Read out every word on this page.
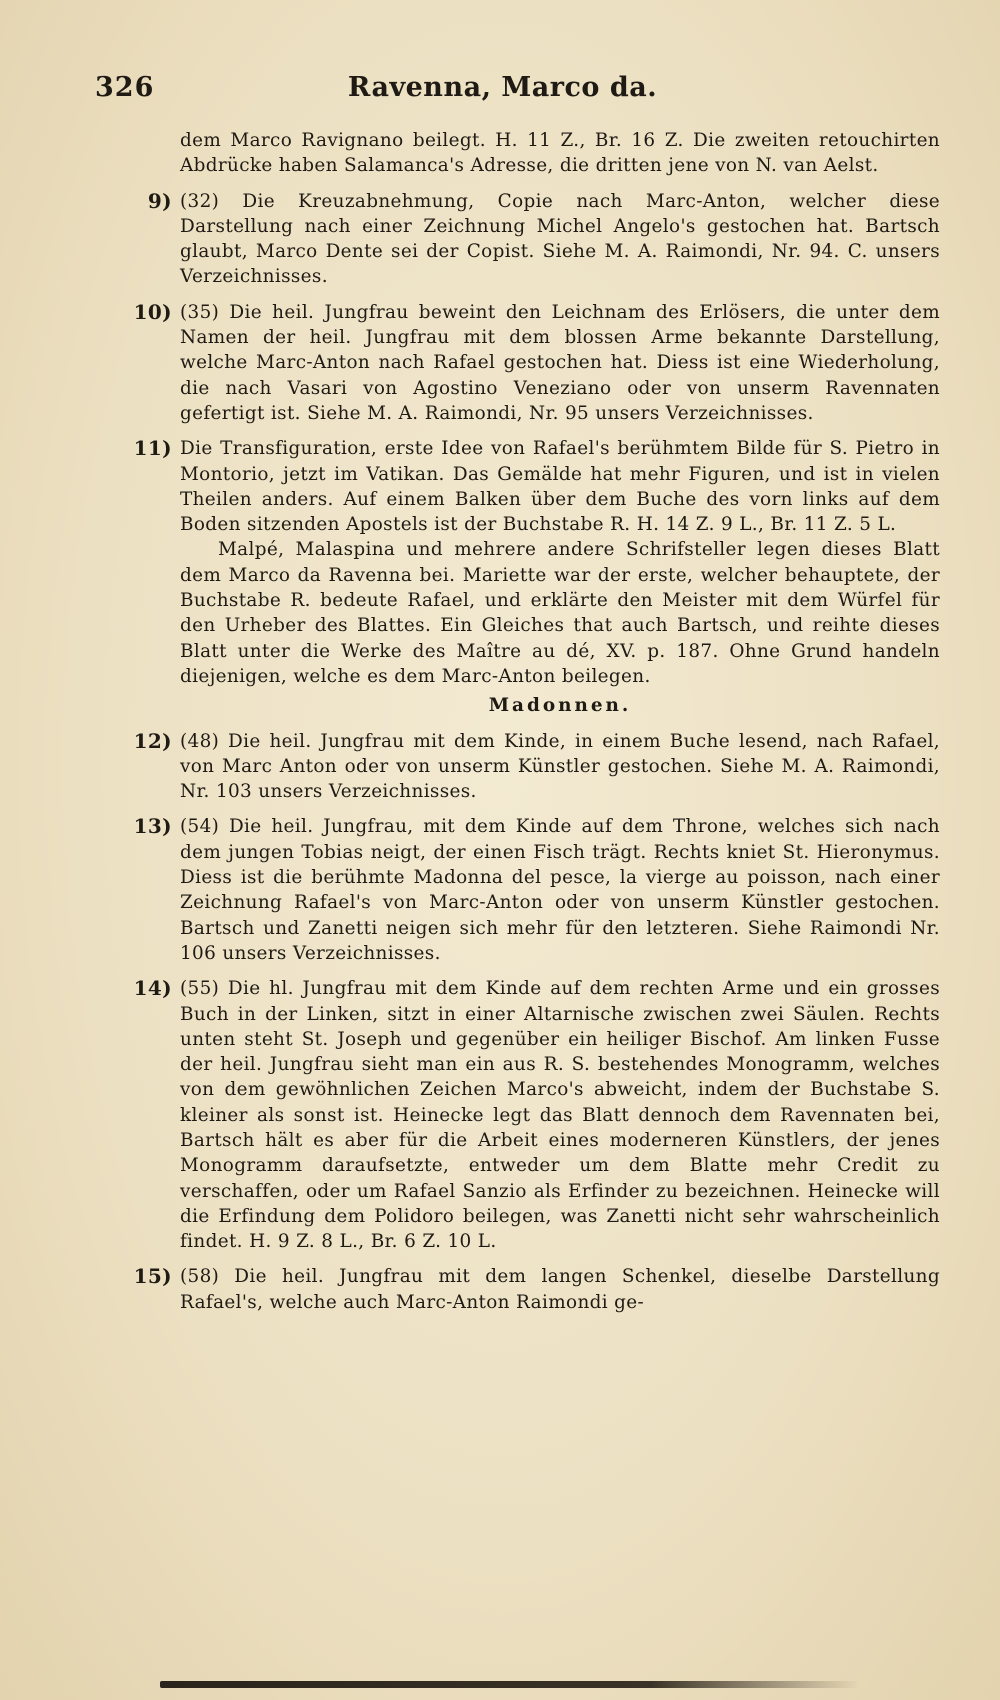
326	Ravenna, Marco da.

dem Marco Ravignano beilegt. H. 11 Z., Br. 16 Z. Die zweiten retouchirten Abdrücke haben Salamanca's Adresse, die dritten jene von N. van Aelst.

9) (32) Die Kreuzabnehmung, Copie nach Marc-Anton, welcher diese Darstellung nach einer Zeichnung Michel Angelo's gestochen hat. Bartsch glaubt, Marco Dente sei der Copist. Siehe M. A. Raimondi, Nr. 94. C. unsers Verzeichnisses.

10) (35) Die heil. Jungfrau beweint den Leichnam des Erlösers, die unter dem Namen der heil. Jungfrau mit dem blossen Arme bekannte Darstellung, welche Marc-Anton nach Rafael gestochen hat. Diess ist eine Wiederholung, die nach Vasari von Agostino Veneziano oder von unserm Ravennaten gefertigt ist. Siehe M. A. Raimondi, Nr. 95 unsers Verzeichnisses.

11) Die Transfiguration, erste Idee von Rafael's berühmtem Bilde für S. Pietro in Montorio, jetzt im Vatikan. Das Gemälde hat mehr Figuren, und ist in vielen Theilen anders. Auf einem Balken über dem Buche des vorn links auf dem Boden sitzenden Apostels ist der Buchstabe R. H. 14 Z. 9 L., Br. 11 Z. 5 L.

Malpé, Malaspina und mehrere andere Schrifsteller legen dieses Blatt dem Marco da Ravenna bei. Mariette war der erste, welcher behauptete, der Buchstabe R. bedeute Rafael, und erklärte den Meister mit dem Würfel für den Urheber des Blattes. Ein Gleiches that auch Bartsch, und reihte dieses Blatt unter die Werke des Maître au dé, XV. p. 187. Ohne Grund handeln diejenigen, welche es dem Marc-Anton beilegen.

Madonnen.
12) (48) Die heil. Jungfrau mit dem Kinde, in einem Buche lesend, nach Rafael, von Marc Anton oder von unserm Künstler gestochen. Siehe M. A. Raimondi, Nr. 103 unsers Verzeichnisses.

13) (54) Die heil. Jungfrau, mit dem Kinde auf dem Throne, welches sich nach dem jungen Tobias neigt, der einen Fisch trägt. Rechts kniet St. Hieronymus. Diess ist die berühmte Madonna del pesce, la vierge au poisson, nach einer Zeichnung Rafael's von Marc-Anton oder von unserm Künstler gestochen. Bartsch und Zanetti neigen sich mehr für den letzteren. Siehe Raimondi Nr. 106 unsers Verzeichnisses.

14) (55) Die hl. Jungfrau mit dem Kinde auf dem rechten Arme und ein grosses Buch in der Linken, sitzt in einer Altarnische zwischen zwei Säulen. Rechts unten steht St. Joseph und gegenüber ein heiliger Bischof. Am linken Fusse der heil. Jungfrau sieht man ein aus R. S. bestehendes Monogramm, welches von dem gewöhnlichen Zeichen Marco's abweicht, indem der Buchstabe S. kleiner als sonst ist. Heinecke legt das Blatt dennoch dem Ravennaten bei, Bartsch hält es aber für die Arbeit eines moderneren Künstlers, der jenes Monogramm daraufsetzte, entweder um dem Blatte mehr Credit zu verschaffen, oder um Rafael Sanzio als Erfinder zu bezeichnen. Heinecke will die Erfindung dem Polidoro beilegen, was Zanetti nicht sehr wahrscheinlich findet. H. 9 Z. 8 L., Br. 6 Z. 10 L.

15) (58) Die heil. Jungfrau mit dem langen Schenkel, dieselbe Darstellung Rafael's, welche auch Marc-Anton Raimondi ge-
